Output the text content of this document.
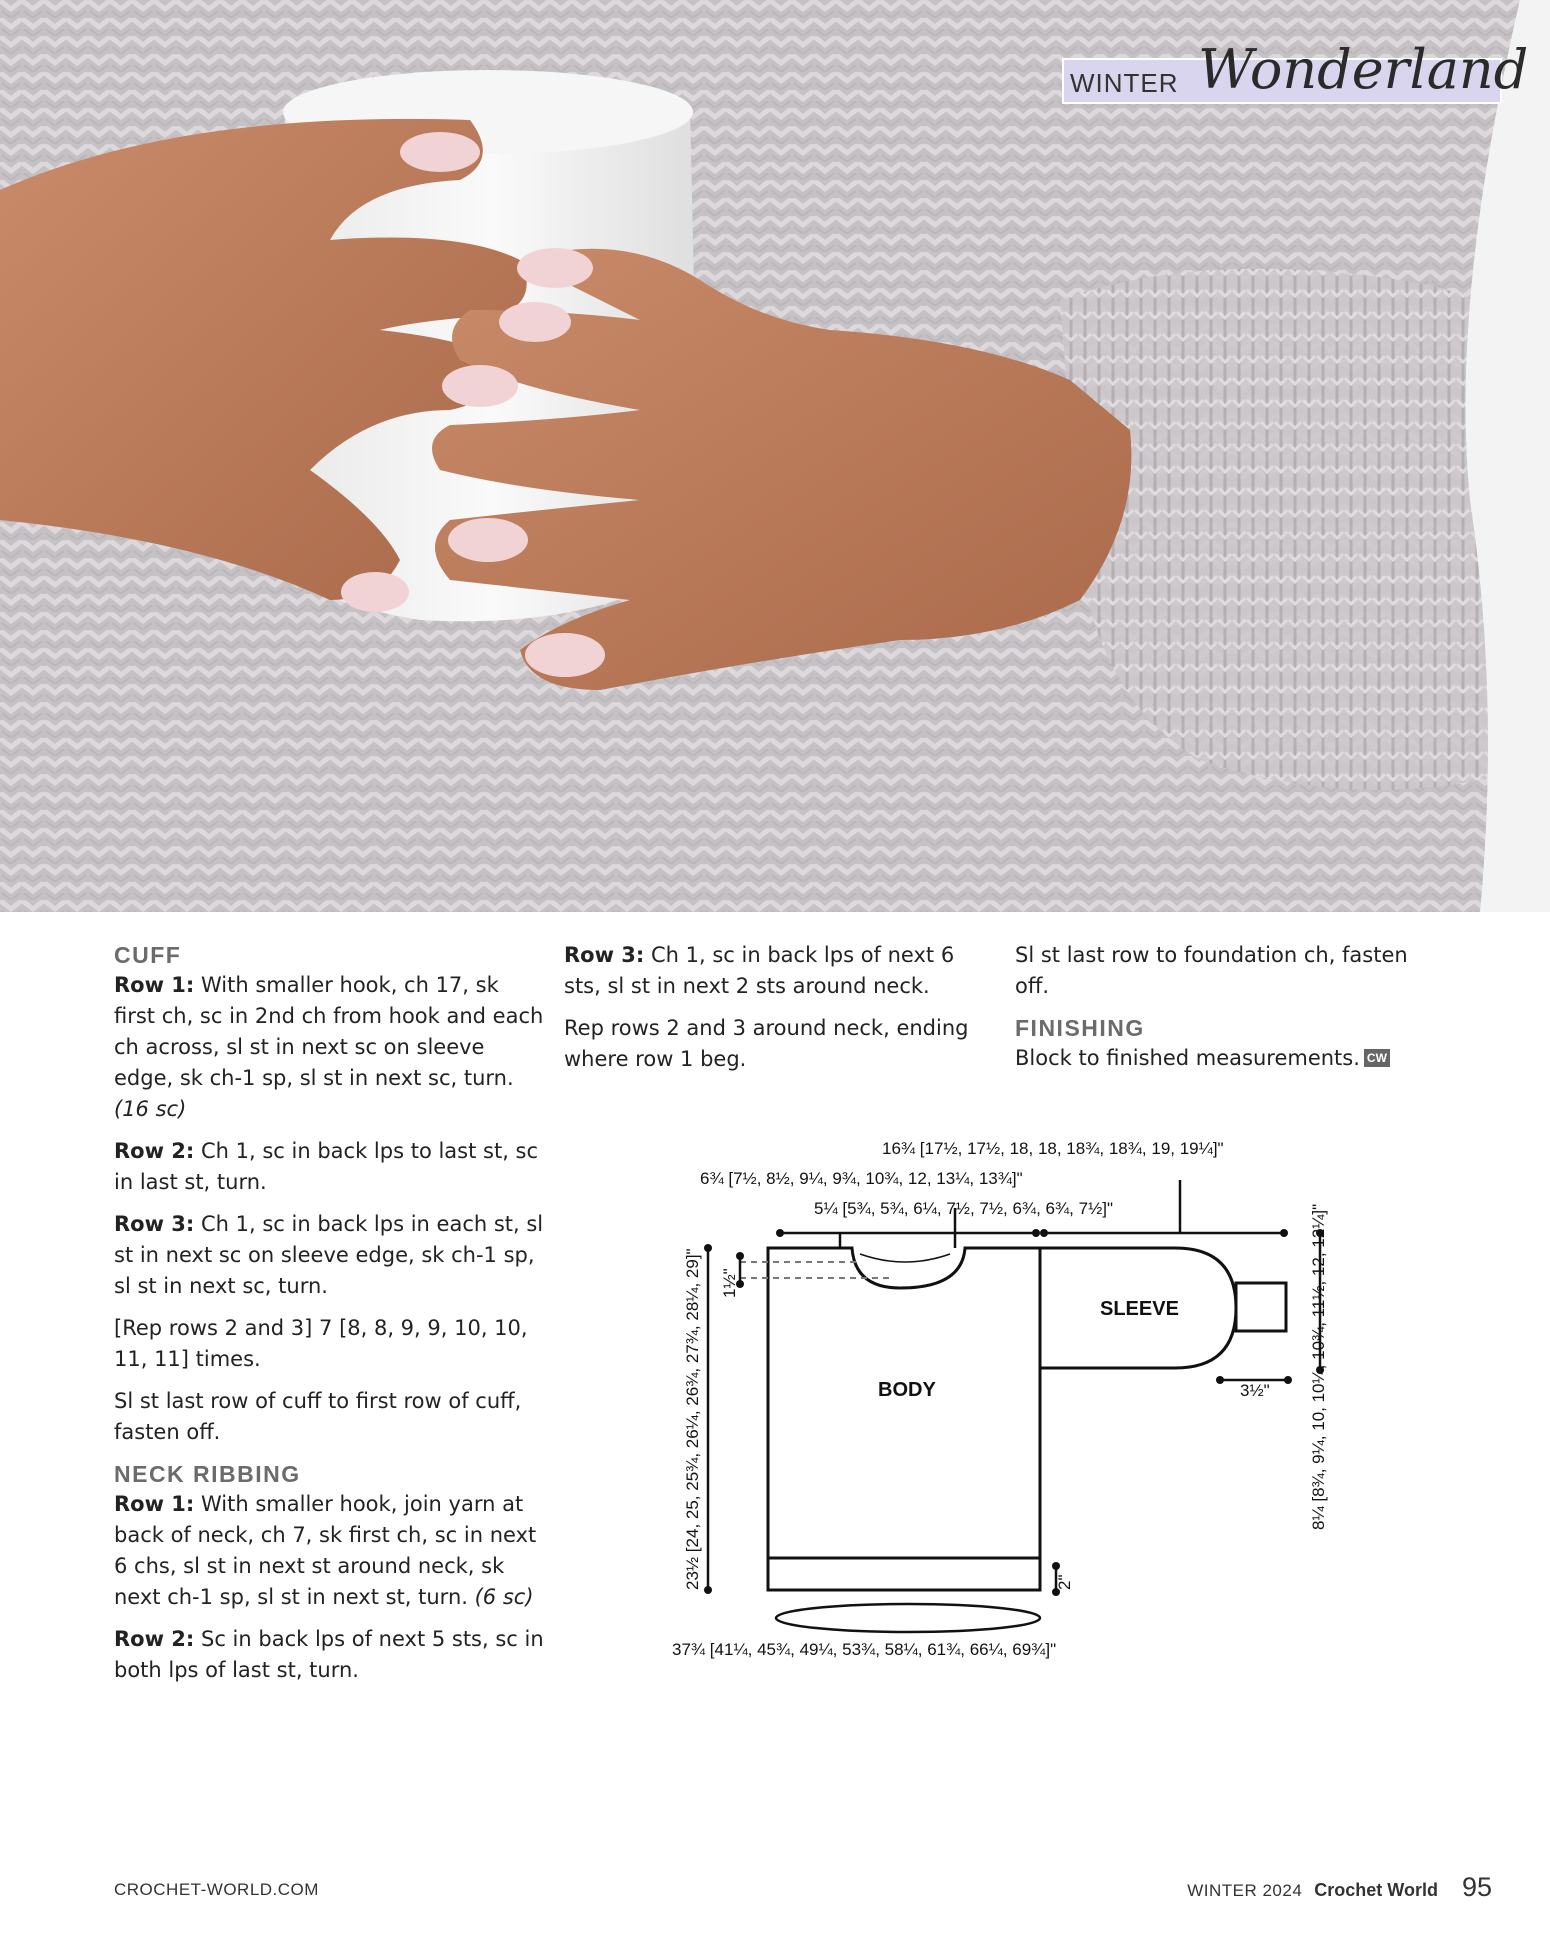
WINTER Wonderland

CUFF

Row 1: With smaller hook, ch 17, sk first ch, sc in 2nd ch from hook and each ch across, sl st in next sc on sleeve edge, sk ch-1 sp, sl st in next sc, turn. (16 sc)

Row 2: Ch 1, sc in back lps to last st, sc in last st, turn.

Row 3: Ch 1, sc in back lps in each st, sl st in next sc on sleeve edge, sk ch-1 sp, sl st in next sc, turn.

[Rep rows 2 and 3] 7 [8, 8, 9, 9, 10, 10, 11, 11] times.

Sl st last row of cuff to first row of cuff, fasten off.

NECK RIBBING

Row 1: With smaller hook, join yarn at back of neck, ch 7, sk first ch, sc in next 6 chs, sl st in next st around neck, sk next ch-1 sp, sl st in next st, turn. (6 sc)

Row 2: Sc in back lps of next 5 sts, sc in both lps of last st, turn.

Row 3: Ch 1, sc in back lps of next 6 sts, sl st in next 2 sts around neck.

Rep rows 2 and 3 around neck, ending where row 1 beg.

Sl st last row to foundation ch, fasten off.

FINISHING

Block to finished measurements. CW

BODY
SLEEVE
16¾ [17½, 17½, 18, 18, 18¾, 18¾, 19, 19¼]"
6¾ [7½, 8½, 9¼, 9¾, 10¾, 12, 13¼, 13¾]"
5¼ [5¾, 5¾, 6¼, 7½, 7½, 6¾, 6¾, 7½]"
1½"
23½ [24, 25, 25¾, 26¼, 26¾, 27¾, 28¼, 29]"	8¼ [8¾, 9¼, 10, 10¼, 10¾, 11½, 12, 12¼]"
3½"
2"
37¾ [41¼, 45¾, 49¼, 53¾, 58¼, 61¾, 66¼, 69¾]"
CROCHET-WORLD.COM	WINTER 2024 Crochet World 95
